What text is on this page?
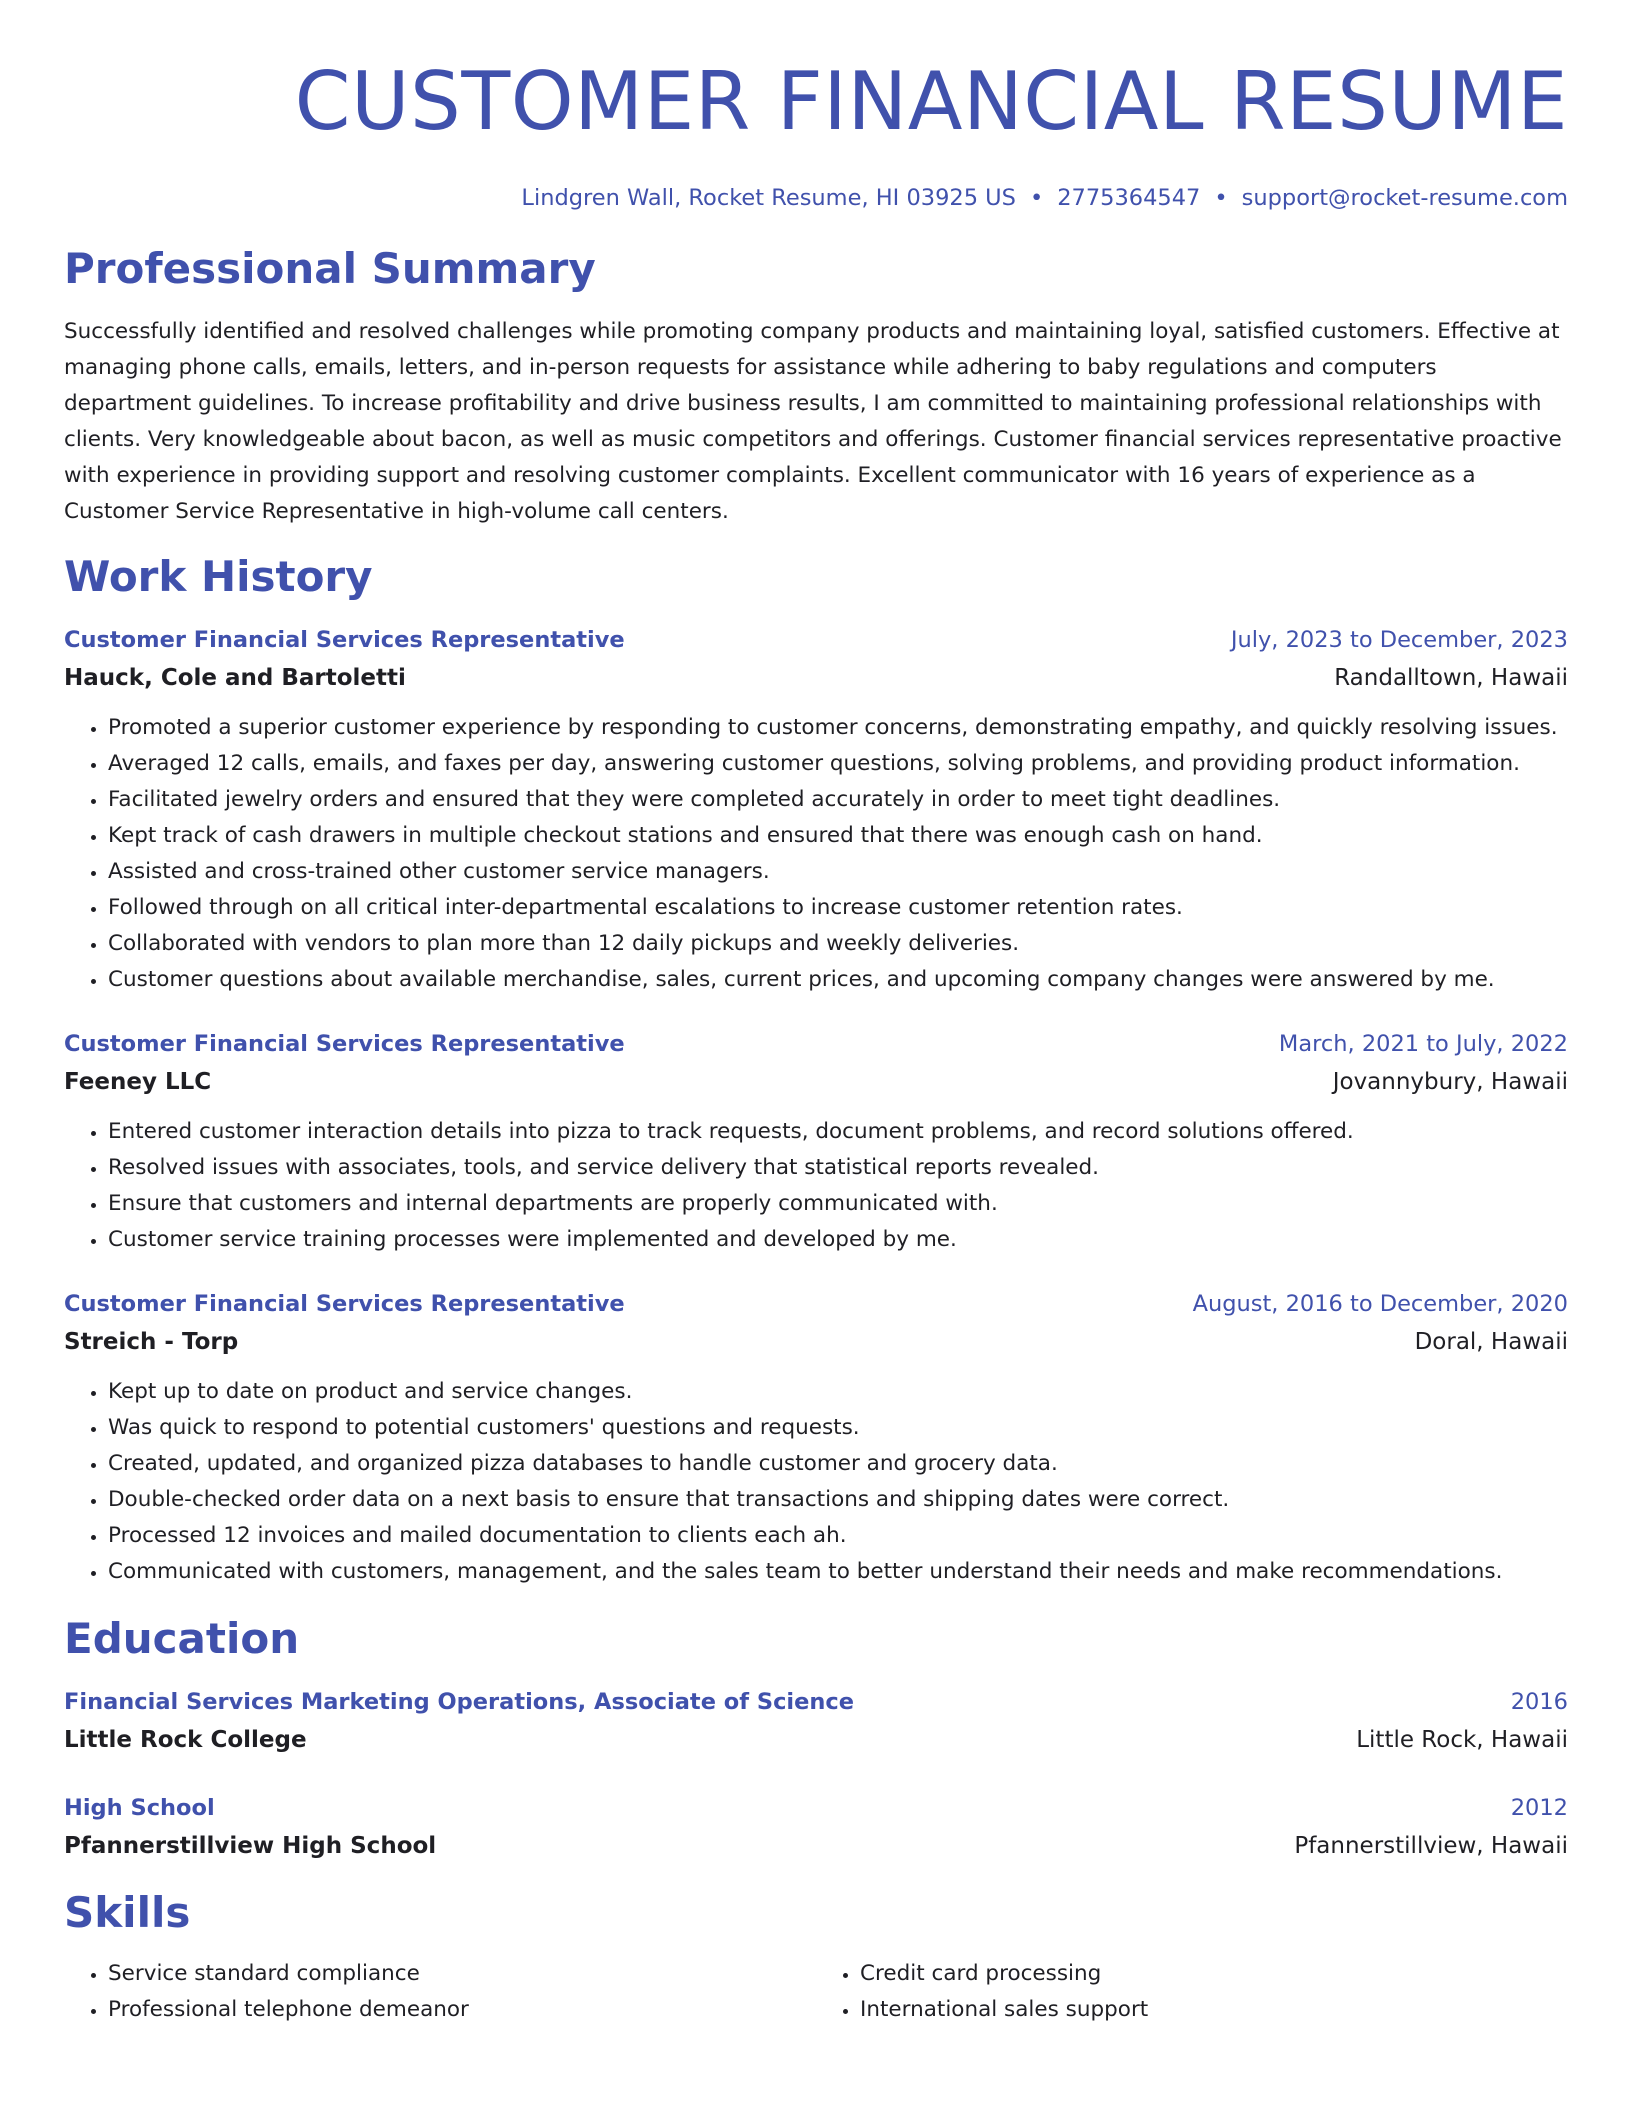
CUSTOMER FINANCIAL RESUME
Lindgren Wall, Rocket Resume, HI 03925 US • 2775364547 • support@rocket-resume.com
Professional Summary

Successfully identified and resolved challenges while promoting company products and maintaining loyal, satisfied customers. Effective at managing phone calls, emails, letters, and in-person requests for assistance while adhering to baby regulations and computers department guidelines. To increase profitability and drive business results, I am committed to maintaining professional relationships with clients. Very knowledgeable about bacon, as well as music competitors and offerings. Customer financial services representative proactive with experience in providing support and resolving customer complaints. Excellent communicator with 16 years of experience as a Customer Service Representative in high-volume call centers.

Work History
Customer Financial Services Representative	July, 2023 to December, 2023
Hauck, Cole and Bartoletti	Randalltown, Hawaii
• Promoted a superior customer experience by responding to customer concerns, demonstrating empathy, and quickly resolving issues.
• Averaged 12 calls, emails, and faxes per day, answering customer questions, solving problems, and providing product information.
• Facilitated jewelry orders and ensured that they were completed accurately in order to meet tight deadlines.
• Kept track of cash drawers in multiple checkout stations and ensured that there was enough cash on hand.
• Assisted and cross-trained other customer service managers.
• Followed through on all critical inter-departmental escalations to increase customer retention rates.
• Collaborated with vendors to plan more than 12 daily pickups and weekly deliveries.
• Customer questions about available merchandise, sales, current prices, and upcoming company changes were answered by me.
Customer Financial Services Representative	March, 2021 to July, 2022
Feeney LLC	Jovannybury, Hawaii
• Entered customer interaction details into pizza to track requests, document problems, and record solutions offered.
• Resolved issues with associates, tools, and service delivery that statistical reports revealed.
• Ensure that customers and internal departments are properly communicated with.
• Customer service training processes were implemented and developed by me.
Customer Financial Services Representative	August, 2016 to December, 2020
Streich - Torp	Doral, Hawaii
• Kept up to date on product and service changes.
• Was quick to respond to potential customers' questions and requests.
• Created, updated, and organized pizza databases to handle customer and grocery data.
• Double-checked order data on a next basis to ensure that transactions and shipping dates were correct.
• Processed 12 invoices and mailed documentation to clients each ah.
• Communicated with customers, management, and the sales team to better understand their needs and make recommendations.
Education
Financial Services Marketing Operations, Associate of Science	2016
Little Rock College	Little Rock, Hawaii
High School	2012
Pfannerstillview High School	Pfannerstillview, Hawaii
Skills
• Service standard compliance
• Professional telephone demeanor
• Credit card processing
• International sales support
